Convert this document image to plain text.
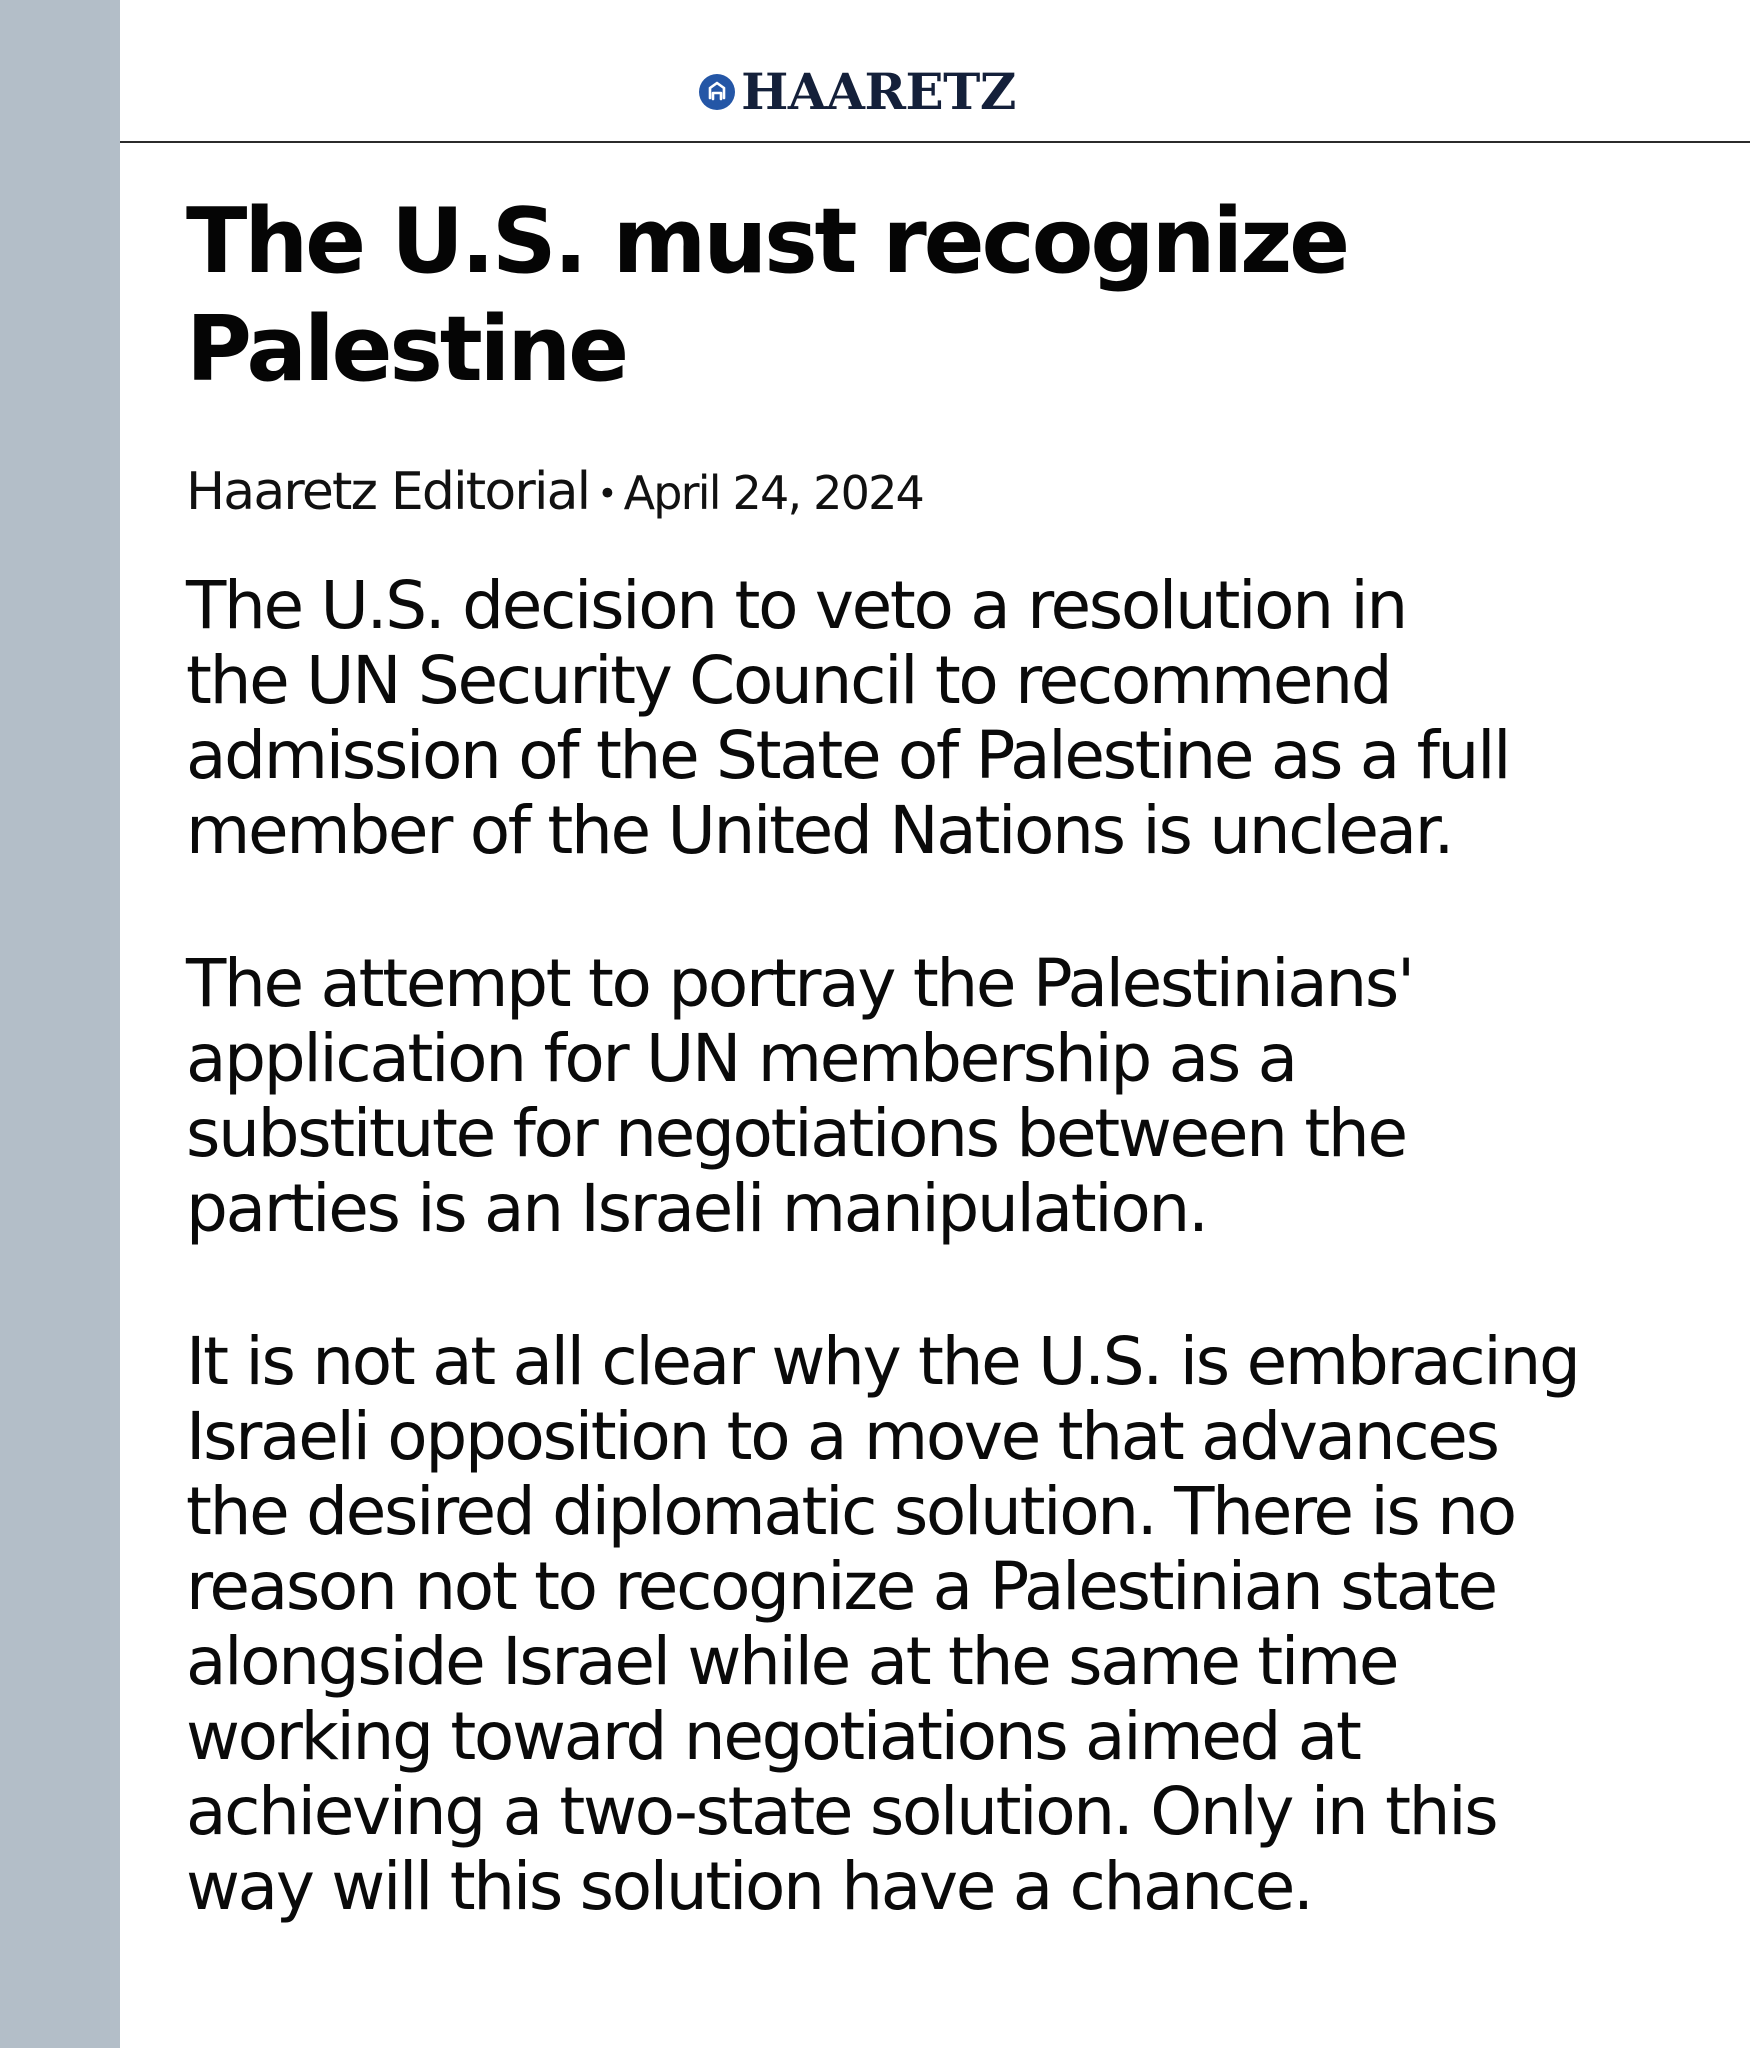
HAARETZ
The U.S. must recognize
Palestine
Haaretz Editorial • April 24, 2024

The U.S. decision to veto a resolution in
the UN Security Council to recommend
admission of the State of Palestine as a full
member of the United Nations is unclear.

The attempt to portray the Palestinians'
application for UN membership as a
substitute for negotiations between the
parties is an Israeli manipulation.

It is not at all clear why the U.S. is embracing
Israeli opposition to a move that advances
the desired diplomatic solution. There is no
reason not to recognize a Palestinian state
alongside Israel while at the same time
working toward negotiations aimed at
achieving a two-state solution. Only in this
way will this solution have a chance.
